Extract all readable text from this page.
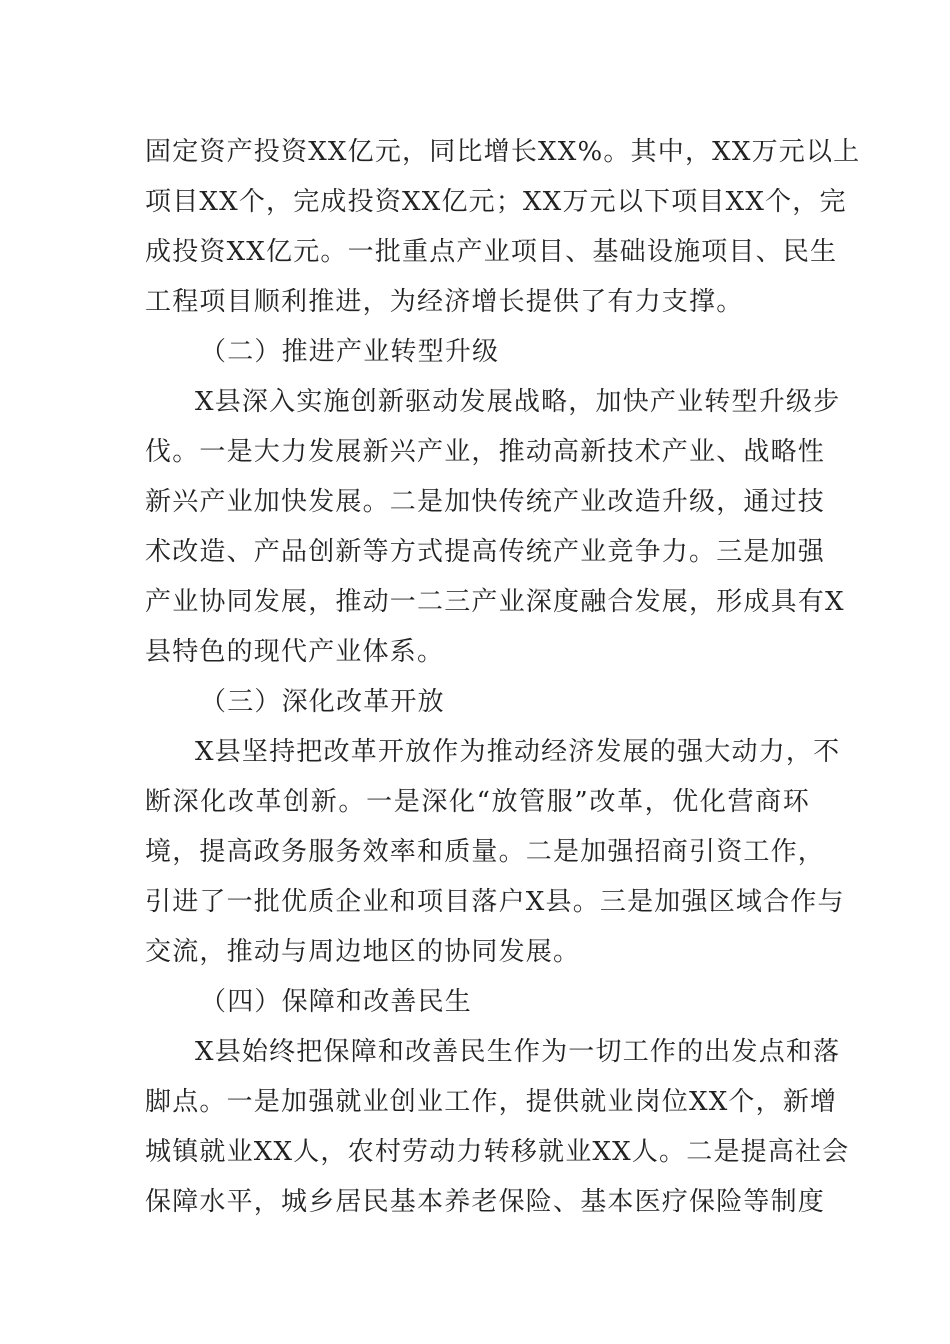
固定资产投资XX亿元，同比增长XX%。其中，XX万元以上
项目XX个，完成投资XX亿元；XX万元以下项目XX个，完
成投资XX亿元。一批重点产业项目、基础设施项目、民生
工程项目顺利推进，为经济增长提供了有力支撑。
（二）推进产业转型升级
X县深入实施创新驱动发展战略，加快产业转型升级步
伐。一是大力发展新兴产业，推动高新技术产业、战略性
新兴产业加快发展。二是加快传统产业改造升级，通过技
术改造、产品创新等方式提高传统产业竞争力。三是加强
产业协同发展，推动一二三产业深度融合发展，形成具有X
县特色的现代产业体系。
（三）深化改革开放
X县坚持把改革开放作为推动经济发展的强大动力，不
断深化改革创新。一是深化“放管服”改革，优化营商环
境，提高政务服务效率和质量。二是加强招商引资工作，
引进了一批优质企业和项目落户X县。三是加强区域合作与
交流，推动与周边地区的协同发展。
（四）保障和改善民生
X县始终把保障和改善民生作为一切工作的出发点和落
脚点。一是加强就业创业工作，提供就业岗位XX个，新增
城镇就业XX人，农村劳动力转移就业XX人。二是提高社会
保障水平，城乡居民基本养老保险、基本医疗保险等制度
